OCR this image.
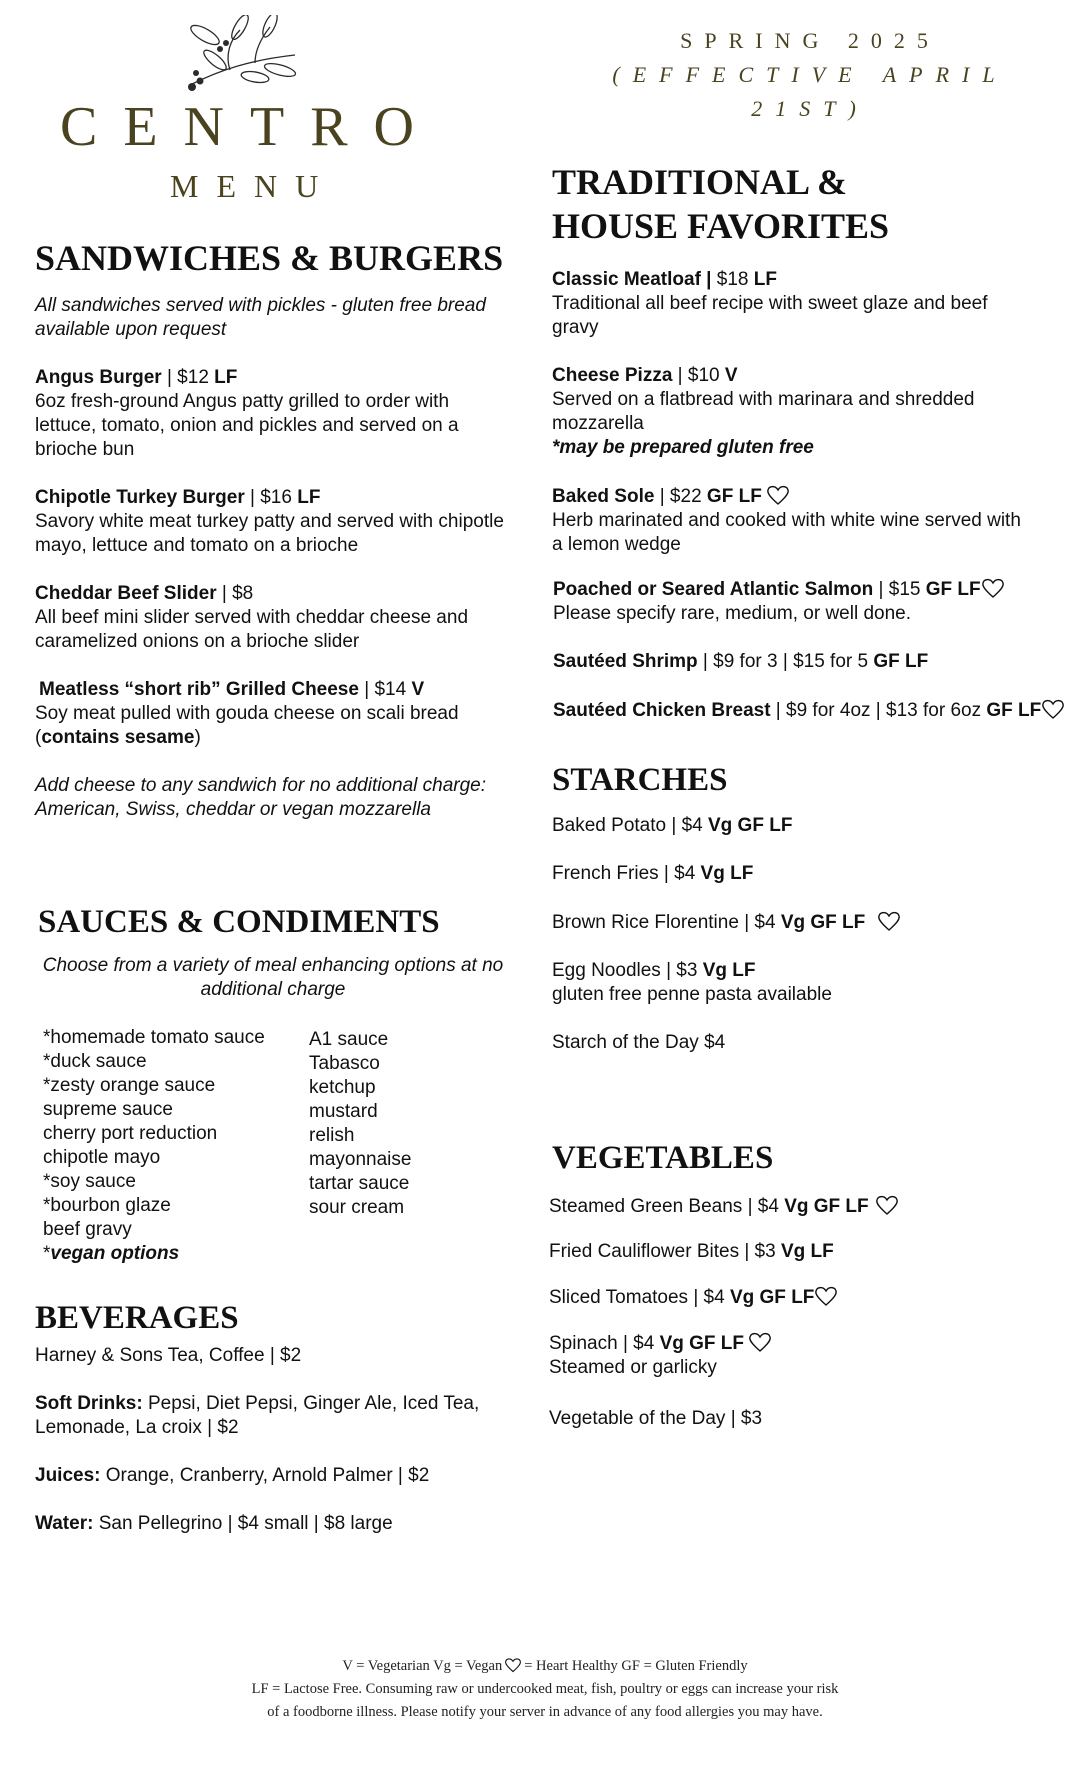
CENTRO
MENU
SPRING 2025
(EFFECTIVE APRIL 21ST)
SANDWICHES & BURGERS
All sandwiches served with pickles - gluten free bread available upon request
Angus Burger | $12 LF
6oz fresh-ground Angus patty grilled to order with lettuce, tomato, onion and pickles and served on a brioche bun
Chipotle Turkey Burger | $16 LF
Savory white meat turkey patty and served with chipotle mayo, lettuce and tomato on a brioche
Cheddar Beef Slider | $8
All beef mini slider served with cheddar cheese and caramelized onions on a brioche slider
Meatless “short rib” Grilled Cheese | $14 V
Soy meat pulled with gouda cheese on scali bread
(contains sesame)
Add cheese to any sandwich for no additional charge: American, Swiss, cheddar or vegan mozzarella
SAUCES & CONDIMENTS
Choose from a variety of meal enhancing options at no additional charge
*homemade tomato sauce
*duck sauce
*zesty orange sauce
supreme sauce
cherry port reduction
chipotle mayo
*soy sauce
*bourbon glaze
beef gravy
*vegan options
A1 sauce
Tabasco
ketchup
mustard
relish
mayonnaise
tartar sauce
sour cream
BEVERAGES
Harney & Sons Tea, Coffee | $2
Soft Drinks: Pepsi, Diet Pepsi, Ginger Ale, Iced Tea, Lemonade, La croix | $2
Juices: Orange, Cranberry, Arnold Palmer | $2
Water: San Pellegrino | $4 small | $8 large
TRADITIONAL &
HOUSE FAVORITES
Classic Meatloaf | $18 LF
Traditional all beef recipe with sweet glaze and beef gravy
Cheese Pizza | $10 V
Served on a flatbread with marinara and shredded mozzarella
*may be prepared gluten free
Baked Sole | $22 GF LF
Herb marinated and cooked with white wine served with a lemon wedge
Poached or Seared Atlantic Salmon | $15 GF LF
Please specify rare, medium, or well done.
Sautéed Shrimp | $9 for 3 | $15 for 5 GF LF
Sautéed Chicken Breast | $9 for 4oz | $13 for 6oz GF LF
STARCHES
Baked Potato | $4 Vg GF LF
French Fries | $4 Vg LF
Brown Rice Florentine | $4 Vg GF LF
Egg Noodles | $3 Vg LF
gluten free penne pasta available
Starch of the Day $4
VEGETABLES
Steamed Green Beans | $4 Vg GF LF
Fried Cauliflower Bites | $3 Vg LF
Sliced Tomatoes | $4 Vg GF LF
Spinach | $4 Vg GF LF
Steamed or garlicky
Vegetable of the Day | $3
V = Vegetarian Vg = Vegan = Heart Healthy GF = Gluten Friendly
LF = Lactose Free. Consuming raw or undercooked meat, fish, poultry or eggs can increase your risk
of a foodborne illness. Please notify your server in advance of any food allergies you may have.
